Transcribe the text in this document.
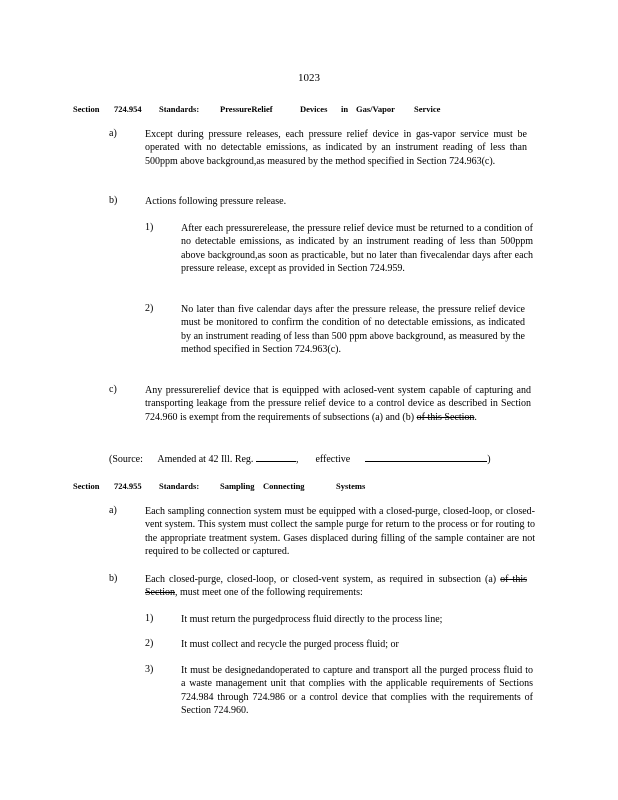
1023
Section 724.954 Standards: PressureRelief	Devices in Gas/Vapor Service
a)	Except during pressure releases, each pressure relief device in gas-vapor service must be operated with no detectable emissions, as indicated by an instrument reading of less than 500ppm above background,as measured by the method specified in Section 724.963(c).
b)	Actions following pressure release.
1)	After each pressurerelease, the pressure relief device must be returned to a condition of no detectable emissions, as indicated by an instrument reading of less than 500ppm above background,as soon as practicable, but no later than fivecalendar days after each pressure release, except as provided in Section 724.959.
2)	No later than five calendar days after the pressure release, the pressure relief device must be monitored to confirm the condition of no detectable emissions, as indicated by an instrument reading of less than 500 ppm above background, as measured by the method specified in Section 724.963(c).
c)	Any pressurerelief device that is equipped with aclosed-vent system capable of capturing and transporting leakage from the pressure relief device to a control device as described in Section 724.960 is exempt from the requirements of subsections (a) and (b) of this Section.
(Source: Amended at 42 Ill. Reg.	, effective	)
Section 724.955 Standards: Sampling Connecting	Systems
a)	Each sampling connection system must be equipped with a closed-purge, closed-loop, or closed-vent system. This system must collect the sample purge for return to the process or for routing to the appropriate treatment system. Gases displaced during filling of the sample container are not required to be collected or captured.
b)	Each closed-purge, closed-loop, or closed-vent system, as required in subsection (a) of this Section, must meet one of the following requirements:
1)	It must return the purgedprocess fluid directly to the process line;
2)	It must collect and recycle the purged process fluid; or
3)	It must be designedandoperated to capture and transport all the purged process fluid to a waste management unit that complies with the applicable requirements of Sections 724.984 through 724.986 or a control device that complies with the requirements of Section 724.960.
